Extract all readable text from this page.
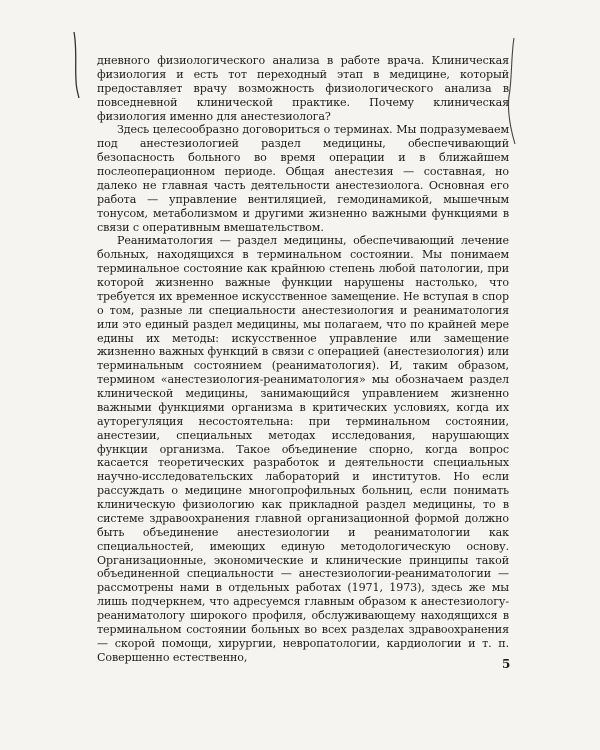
дневного физиологического анализа в работе врача. Клиническая физиология и есть тот переходный этап в медицине, который предоставляет врачу возможность физиологического анализа в повседневной клинической практике. Почему клиническая физиология именно для анестезиолога?

Здесь целесообразно договориться о терминах. Мы подразумеваем под анестезиологией раздел медицины, обеспечивающий безопасность больного во время операции и в ближайшем послеоперационном периоде. Общая анестезия — составная, но далеко не главная часть деятельности анестезиолога. Основная его работа — управление вентиляцией, гемодинамикой, мышечным тонусом, метаболизмом и другими жизненно важными функциями в связи с оперативным вмешательством.

Реаниматология — раздел медицины, обеспечивающий лечение больных, находящихся в терминальном состоянии. Мы понимаем терминальное состояние как крайнюю степень любой патологии, при которой жизненно важные функции нарушены настолько, что требуется их временное искусственное замещение. Не вступая в спор о том, разные ли специальности анестезиология и реаниматология или это единый раздел медицины, мы полагаем, что по крайней мере едины их методы: искусственное управление или замещение жизненно важных функций в связи с операцией (анестезиология) или терминальным состоянием (реаниматология). И, таким образом, термином «анестезиология-реаниматология» мы обозначаем раздел клинической медицины, занимающийся управлением жизненно важными функциями организма в критических условиях, когда их ауторегуляция несостоятельна: при терминальном состоянии, анестезии, специальных методах исследования, нарушающих функции организма. Такое объединение спорно, когда вопрос касается теоретических разработок и деятельности специальных научно-исследовательских лабораторий и институтов. Но если рассуждать о медицине многопрофильных больниц, если понимать клиническую физиологию как прикладной раздел медицины, то в системе здравоохранения главной организационной формой должно быть объединение анестезиологии и реаниматологии как специальностей, имеющих единую методологическую основу. Организационные, экономические и клинические принципы такой объединенной специальности — анестезиологии-реаниматологии — рассмотрены нами в отдельных работах (1971, 1973), здесь же мы лишь подчеркнем, что адресуемся главным образом к анестезиологу-реаниматологу широкого профиля, обслуживающему находящихся в терминальном состоянии больных во всех разделах здравоохранения — скорой помощи, хирургии, невропатологии, кардиологии и т. п. Совершенно естественно,	5
